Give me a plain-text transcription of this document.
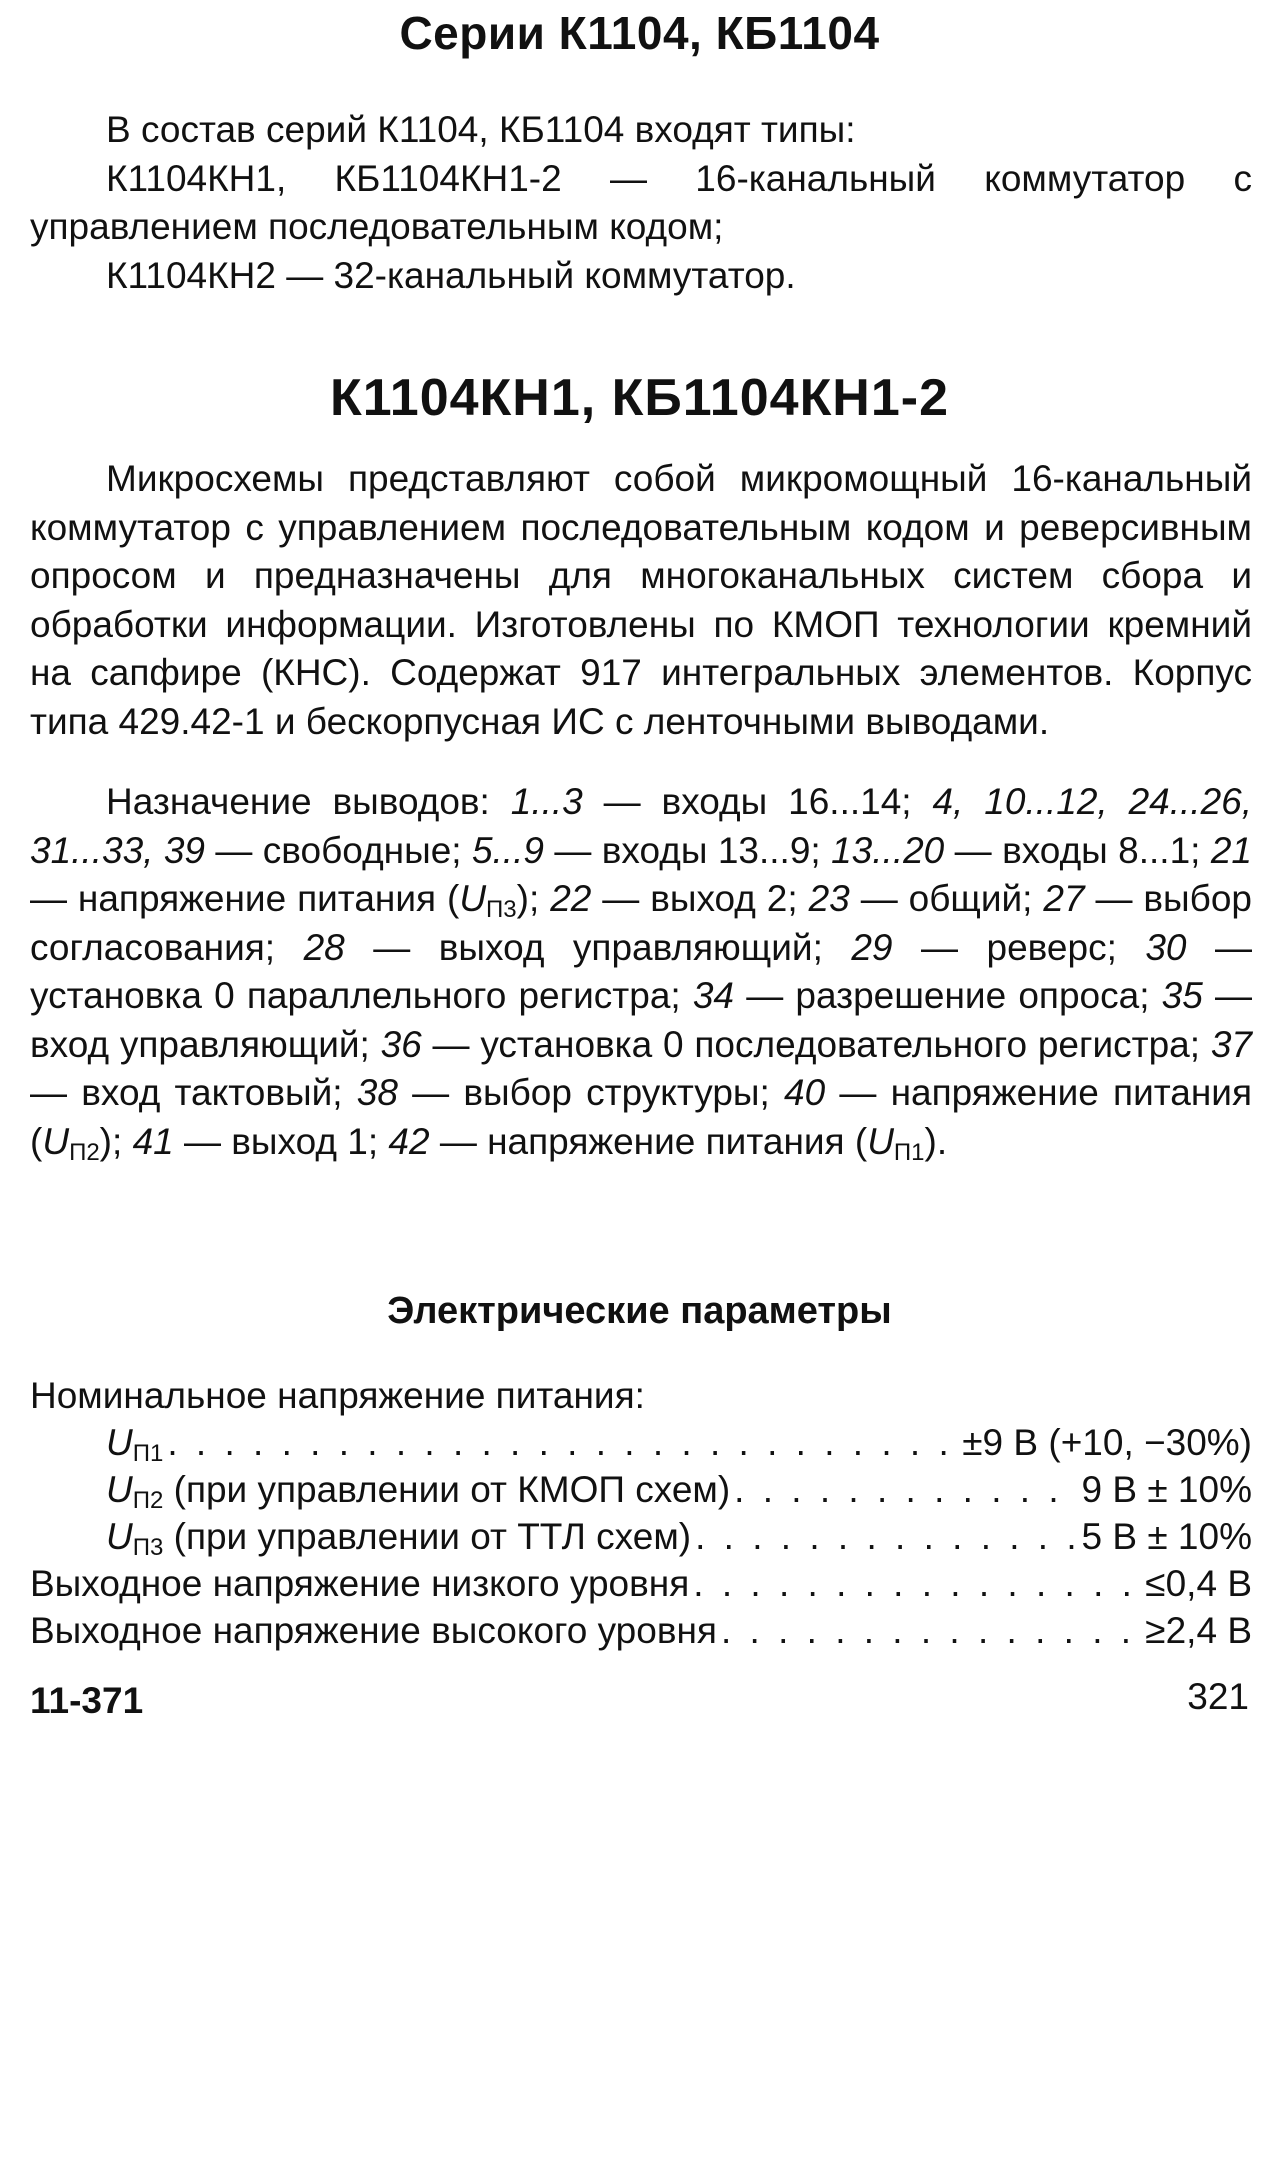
Серии К1104, КБ1104
В состав серий К1104, КБ1104 входят типы:
К1104КН1, КБ1104КН1-2 — 16-канальный коммутатор с управлением последовательным кодом;
К1104КН2 — 32-канальный коммутатор.
К1104КН1, КБ1104КН1-2

Микросхемы представляют собой микромощный 16-канальный коммутатор с управлением последовательным кодом и реверсивным опросом и предназначены для многоканальных систем сбора и обработки информации. Изготовлены по КМОП технологии кремний на сапфире (КНС). Содержат 917 интегральных элементов. Корпус типа 429.42-1 и бескорпусная ИС с ленточными выводами.

Назначение выводов: 1...3 — входы 16...14; 4, 10...12, 24...26, 31...33, 39 — свободные; 5...9 — входы 13...9; 13...20 — входы 8...1; 21 — напряжение питания $(U_{П3})$; 22 — выход 2; 23 — общий; 27 — выбор согласования; 28 — выход управляющий; 29 — реверс; 30 — установка 0 параллельного регистра; 34 — разрешение опроса; 35 — вход управляющий; 36 — установка 0 последовательного регистра; 37 — вход тактовый; 38 — выбор структуры; 40 — напряжение питания $(U_{П2})$; 41 — выход 1; 42 — напряжение питания $(U_{П1})$.

Электрические параметры
Номинальное напряжение питания:
$U_{П1}$ . . .	±9 В (+10, −30%)
$U_{П2}$ (при управлении от КМОП схем) . . .	9 В ± 10%
$U_{П3}$ (при управлении от ТТЛ схем) . . .	5 В ± 10%
Выходное напряжение низкого уровня . . .	≤0,4 В
Выходное напряжение высокого уровня . . .	≥2,4 В
11-371	321
